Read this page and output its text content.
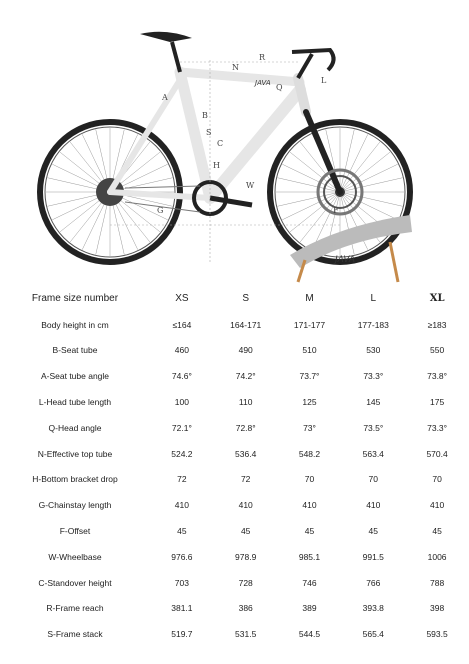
JAVA
JAVA
N
R
A
Q
L
B
S
C
H
W
G	F
Frame size number	XS	S	M	L	XL
Body height in cm	≤164	164-171	171-177	177-183	≥183
B-Seat tube	460	490	510	530	550
A-Seat tube angle	74.6°	74.2°	73.7°	73.3°	73.8°
L-Head tube length	100	110	125	145	175
Q-Head angle	72.1°	72.8°	73°	73.5°	73.3°
N-Effective top tube	524.2	536.4	548.2	563.4	570.4
H-Bottom bracket drop	72	72	70	70	70
G-Chainstay length	410	410	410	410	410
F-Offset	45	45	45	45	45
W-Wheelbase	976.6	978.9	985.1	991.5	1006
C-Standover height	703	728	746	766	788
R-Frame reach	381.1	386	389	393.8	398
S-Frame stack	519.7	531.5	544.5	565.4	593.5
